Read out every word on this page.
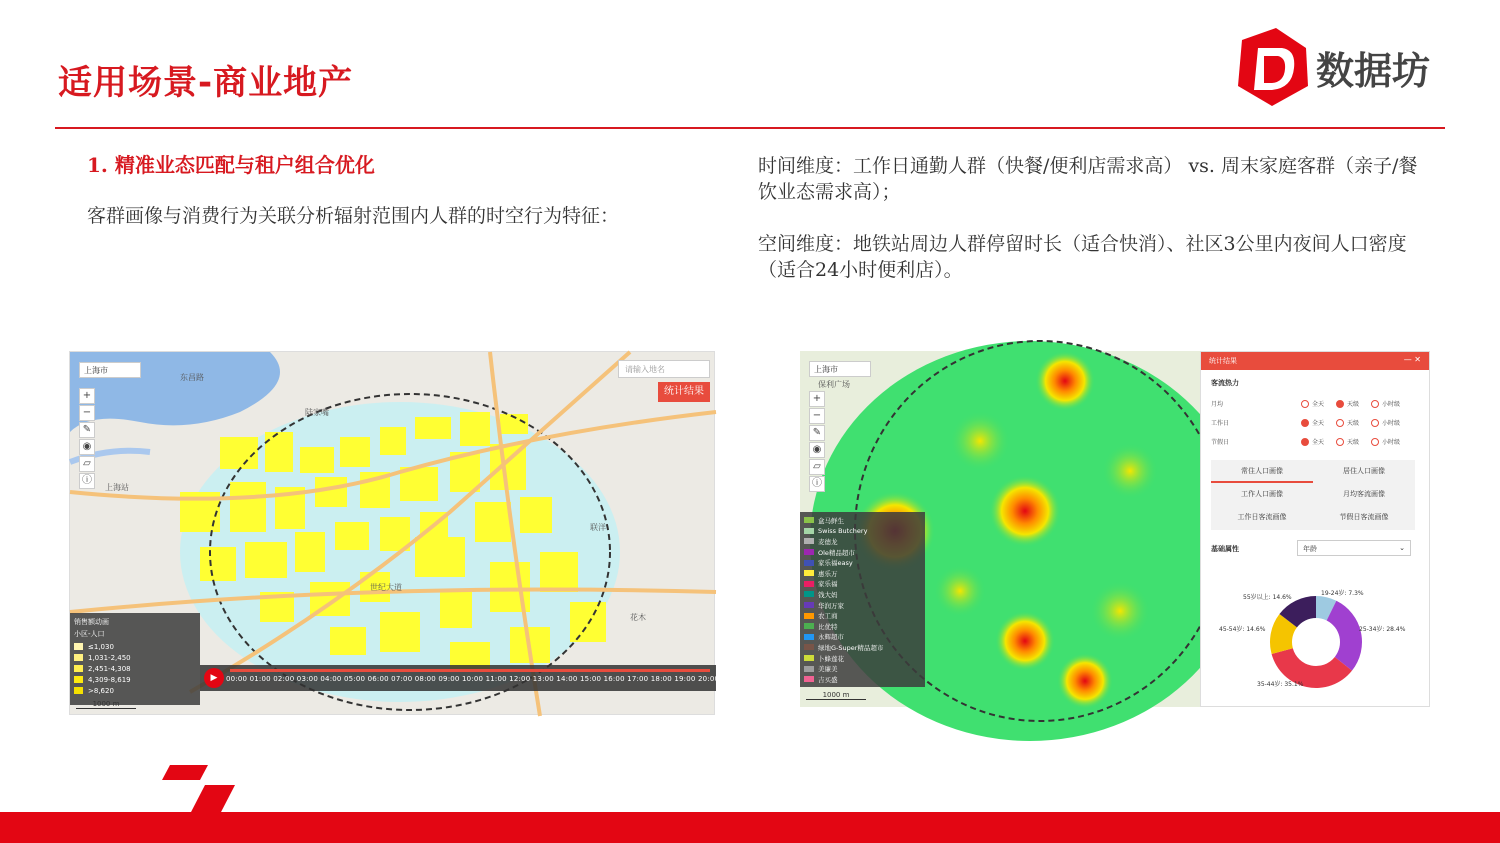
适用场景-商业地产	数据坊
1. 精准业态匹配与租户组合优化
客群画像与消费行为关联分析辐射范围内人群的时空行为特征：

时间维度：工作日通勤人群（快餐/便利店需求高） vs. 周末家庭客群（亲子/餐饮业态需求高）；

空间维度：地铁站周边人群停留时长（适合快消）、社区3公里内夜间人口密度（适合24小时便利店）。

上海市
+
−
✎
◉
▱
ⓘ
请输入地名
统计结果
东昌路
陆家嘴
世纪大道
上海站
联洋
花木
销售额动画
小区-人口
≤1,030
1,031-2,450
2,451-4,308
4,309-8,619
>8,620
▶	00:00 01:00 02:00 03:00 04:00 05:00 06:00 07:00 08:00 09:00 10:00 11:00 12:00 13:00 14:00 15:00 16:00 17:00 18:00 19:00 20:00 21:00 22:00 23:00
1000 m
上海市
保利广场
+
−
✎
◉
▱
ⓘ
盒马鲜生
Swiss Butchery
麦德龙
Ole精品超市
家乐福easy
惠乐万
家乐福
钱大妈
华润万家
农工商
比优特
永辉超市
绿地G-Super精品超市
卜蜂莲花
美廉美
吉买盛
1000 m
统计结果	— ✕
客流热力
月均	全天	天级	小时级
工作日	全天	天级	小时级
节假日	全天	天级	小时级
常住人口画像	居住人口画像
工作人口画像	月均客流画像
工作日客流画像	节假日客流画像
基础属性	年龄	⌄
19-24岁: 7.3%
25-34岁: 28.4%
35-44岁: 35.1%
45-54岁: 14.6%
55岁以上: 14.6%
